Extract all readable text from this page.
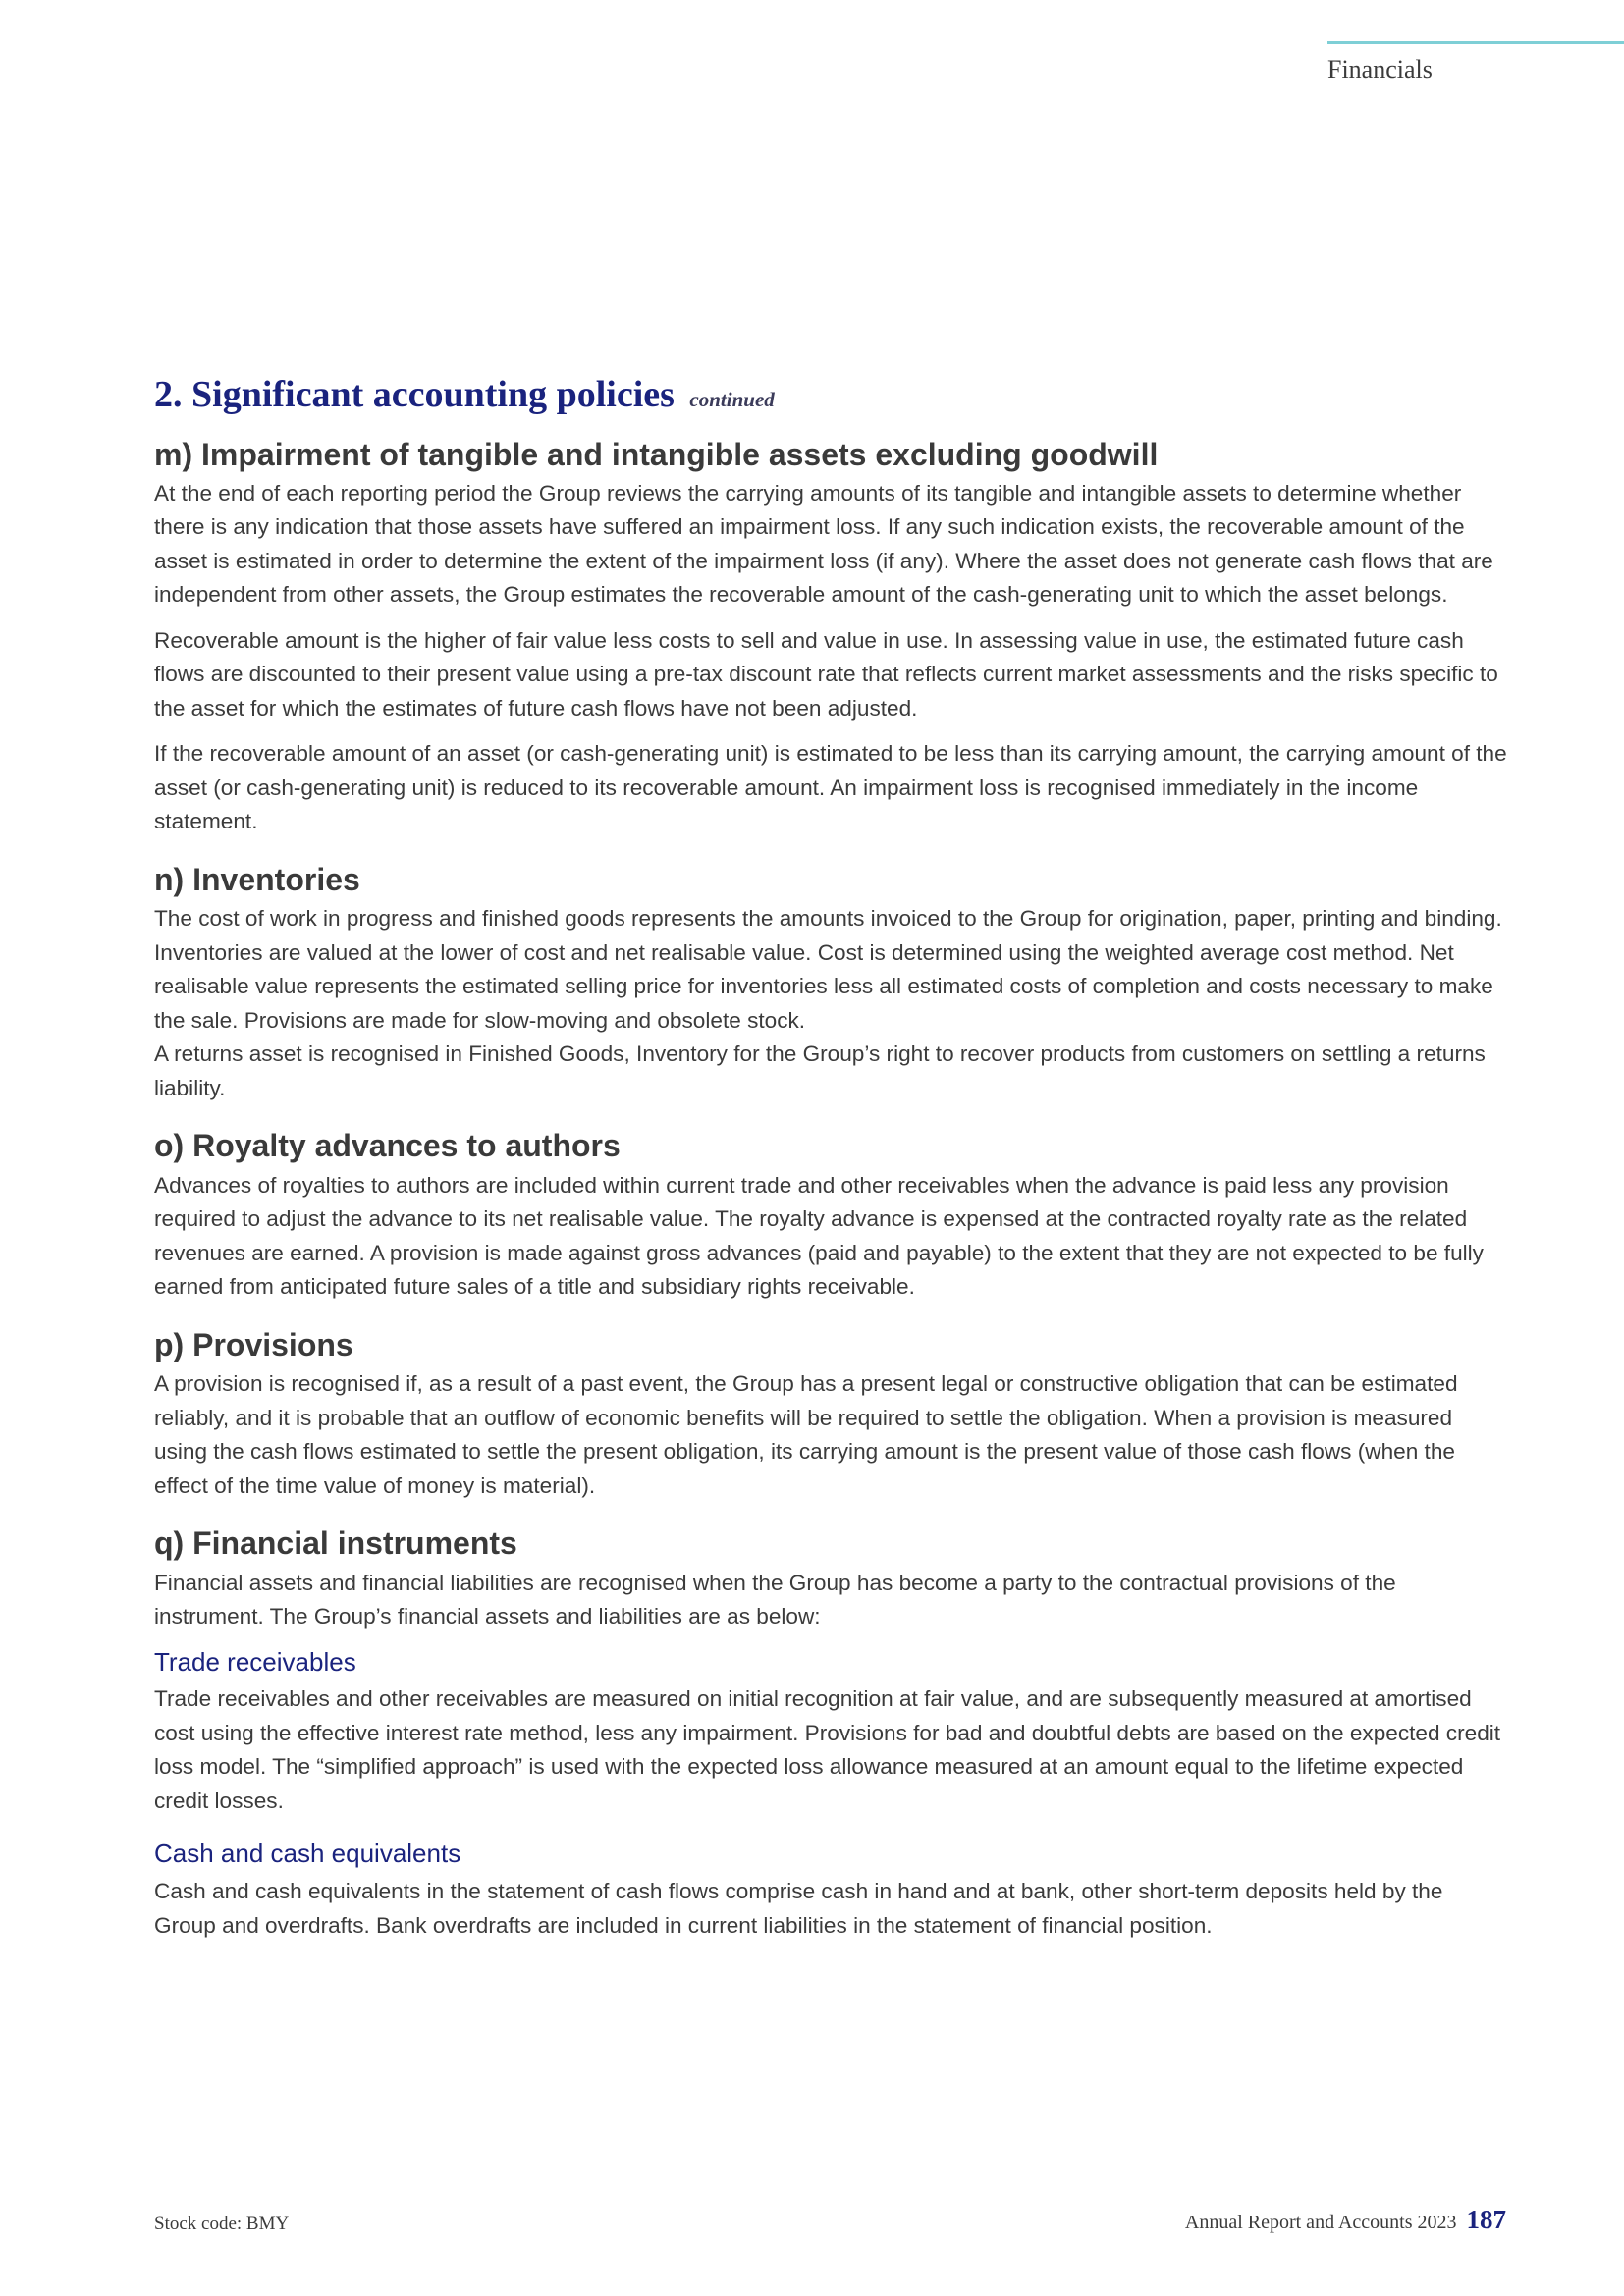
Financials
2. Significant accounting policies continued
m) Impairment of tangible and intangible assets excluding goodwill

At the end of each reporting period the Group reviews the carrying amounts of its tangible and intangible assets to determine whether there is any indication that those assets have suffered an impairment loss. If any such indication exists, the recoverable amount of the asset is estimated in order to determine the extent of the impairment loss (if any). Where the asset does not generate cash flows that are independent from other assets, the Group estimates the recoverable amount of the cash-generating unit to which the asset belongs.

Recoverable amount is the higher of fair value less costs to sell and value in use. In assessing value in use, the estimated future cash flows are discounted to their present value using a pre-tax discount rate that reflects current market assessments and the risks specific to the asset for which the estimates of future cash flows have not been adjusted.

If the recoverable amount of an asset (or cash-generating unit) is estimated to be less than its carrying amount, the carrying amount of the asset (or cash-generating unit) is reduced to its recoverable amount. An impairment loss is recognised immediately in the income statement.

n) Inventories

The cost of work in progress and finished goods represents the amounts invoiced to the Group for origination, paper, printing and binding. Inventories are valued at the lower of cost and net realisable value. Cost is determined using the weighted average cost method. Net realisable value represents the estimated selling price for inventories less all estimated costs of completion and costs necessary to make the sale. Provisions are made for slow-moving and obsolete stock.
A returns asset is recognised in Finished Goods, Inventory for the Group’s right to recover products from customers on settling a returns liability.

o) Royalty advances to authors

Advances of royalties to authors are included within current trade and other receivables when the advance is paid less any provision required to adjust the advance to its net realisable value. The royalty advance is expensed at the contracted royalty rate as the related revenues are earned. A provision is made against gross advances (paid and payable) to the extent that they are not expected to be fully earned from anticipated future sales of a title and subsidiary rights receivable.

p) Provisions

A provision is recognised if, as a result of a past event, the Group has a present legal or constructive obligation that can be estimated reliably, and it is probable that an outflow of economic benefits will be required to settle the obligation. When a provision is measured using the cash flows estimated to settle the present obligation, its carrying amount is the present value of those cash flows (when the effect of the time value of money is material).

q) Financial instruments

Financial assets and financial liabilities are recognised when the Group has become a party to the contractual provisions of the instrument. The Group’s financial assets and liabilities are as below:

Trade receivables

Trade receivables and other receivables are measured on initial recognition at fair value, and are subsequently measured at amortised cost using the effective interest rate method, less any impairment. Provisions for bad and doubtful debts are based on the expected credit loss model. The “simplified approach” is used with the expected loss allowance measured at an amount equal to the lifetime expected credit losses.

Cash and cash equivalents

Cash and cash equivalents in the statement of cash flows comprise cash in hand and at bank, other short-term deposits held by the Group and overdrafts. Bank overdrafts are included in current liabilities in the statement of financial position.

Stock code: BMY	Annual Report and Accounts 2023 187
